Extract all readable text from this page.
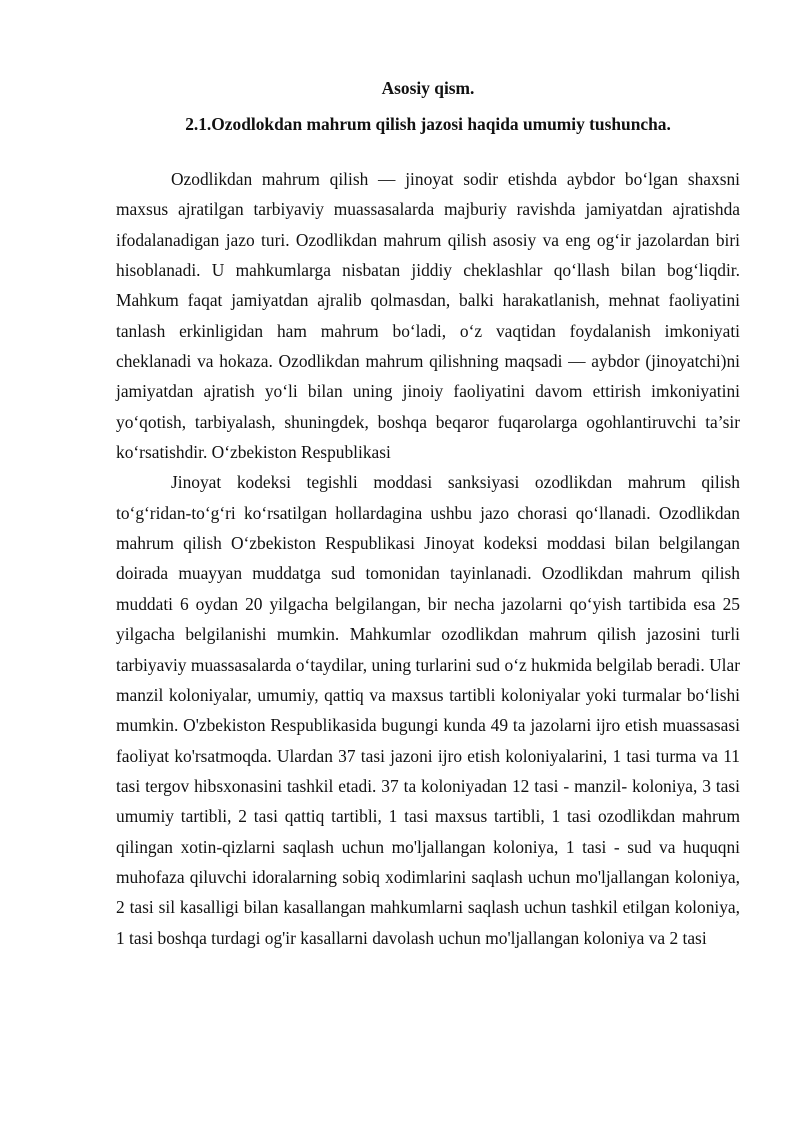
Asosiy qism.

2.1.Ozodlokdan mahrum qilish jazosi haqida umumiy tushuncha.

Ozodlikdan mahrum qilish — jinoyat sodir etishda aybdor bo‘lgan shaxsni maxsus ajratilgan tarbiyaviy muassasalarda majburiy ravishda jamiyatdan ajratishda ifodalanadigan jazo turi. Ozodlikdan mahrum qilish asosiy va eng og‘ir jazolardan biri hisoblanadi. U mahkumlarga nisbatan jiddiy cheklashlar qo‘llash bilan bog‘liqdir. Mahkum faqat jamiyatdan ajralib qolmasdan, balki harakatlanish, mehnat faoliyatini tanlash erkinligidan ham mahrum bo‘ladi, o‘z vaqtidan foydalanish imkoniyati cheklanadi va hokaza. Ozodlikdan mahrum qilishning maqsadi — aybdor (jinoyatchi)ni jamiyatdan ajratish yo‘li bilan uning jinoiy faoliyatini davom ettirish imkoniyatini yo‘qotish, tarbiyalash, shuningdek, boshqa beqaror fuqarolarga ogohlantiruvchi ta’sir ko‘rsatishdir. O‘zbekiston Respublikasi

Jinoyat kodeksi tegishli moddasi sanksiyasi ozodlikdan mahrum qilish to‘g‘ridan-to‘g‘ri ko‘rsatilgan hollardagina ushbu jazo chorasi qo‘llanadi. Ozodlikdan mahrum qilish O‘zbekiston Respublikasi Jinoyat kodeksi moddasi bilan belgilangan doirada muayyan muddatga sud tomonidan tayinlanadi. Ozodlikdan mahrum qilish muddati 6 oydan 20 yilgacha belgilangan, bir necha jazolarni qo‘yish tartibida esa 25 yilgacha belgilanishi mumkin. Mahkumlar ozodlikdan mahrum qilish jazosini turli tarbiyaviy muassasalarda o‘taydilar, uning turlarini sud o‘z hukmida belgilab beradi. Ular manzil koloniyalar, umumiy, qattiq va maxsus tartibli koloniyalar yoki turmalar bo‘lishi mumkin. O'zbekiston Respublikasida bugungi kunda 49 ta jazolarni ijro etish muassasasi faoliyat ko'rsatmoqda. Ulardan 37 tasi jazoni ijro etish koloniyalarini, 1 tasi turma va 11 tasi tergov hibsxonasini tashkil etadi. 37 ta koloniyadan 12 tasi - manzil- koloniya, 3 tasi umumiy tartibli, 2 tasi qattiq tartibli, 1 tasi maxsus tartibli, 1 tasi ozodlikdan mahrum qilingan xotin-qizlarni saqlash uchun mo'ljallangan koloniya, 1 tasi - sud va huquqni muhofaza qiluvchi idoralarning sobiq xodimlarini saqlash uchun mo'ljallangan koloniya, 2 tasi sil kasalligi bilan kasallangan mahkumlarni saqlash uchun tashkil etilgan koloniya, 1 tasi boshqa turdagi og'ir kasallarni davolash uchun mo'ljallangan koloniya va 2 tasi
